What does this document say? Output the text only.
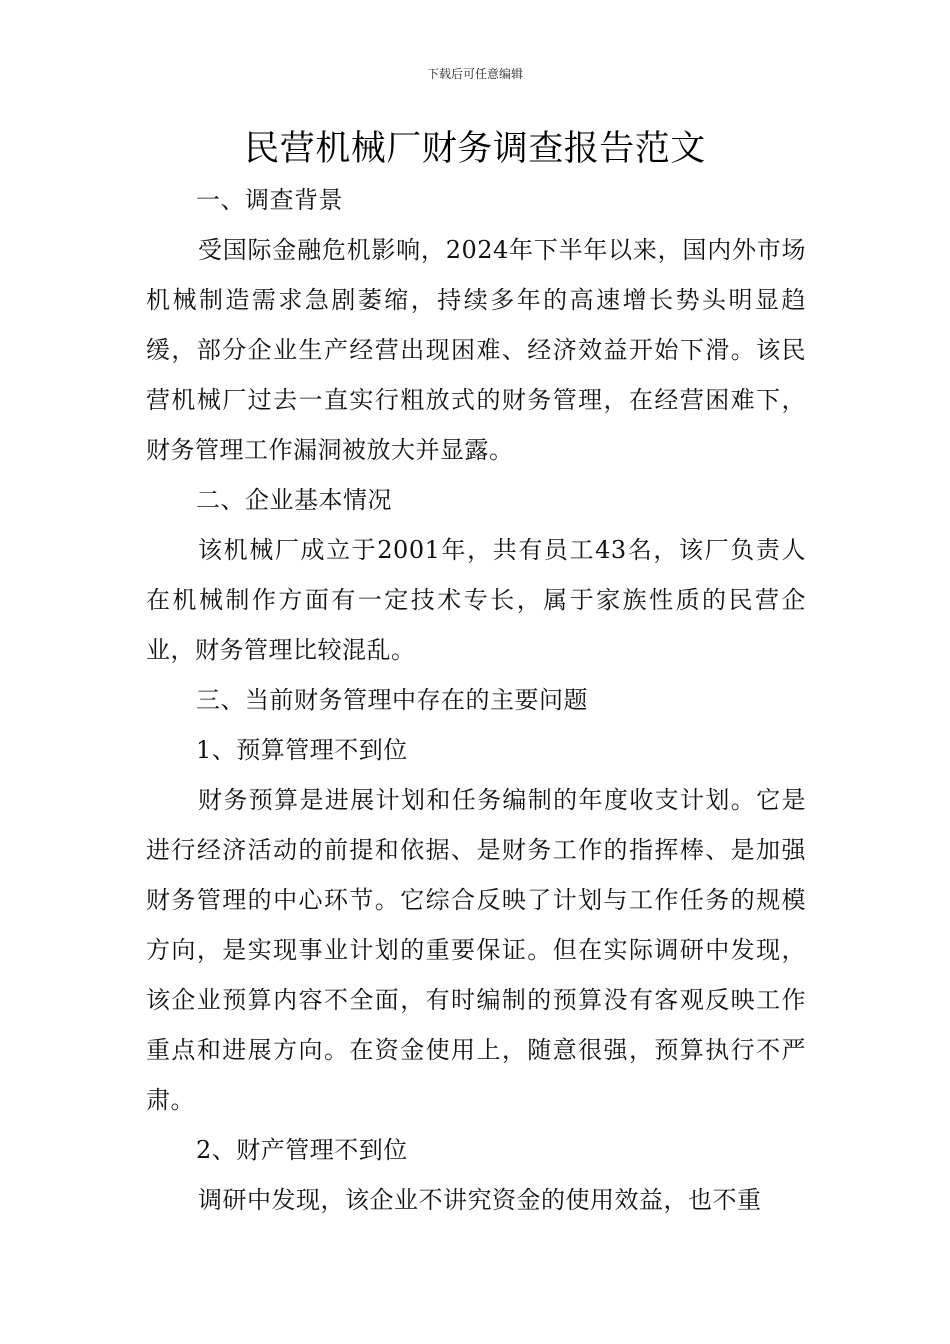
下载后可任意编辑
民营机械厂财务调查报告范文

一、调查背景

受国际金融危机影响，2024年下半年以来，国内外市场机械制造需求急剧萎缩，持续多年的高速增长势头明显趋缓，部分企业生产经营出现困难、经济效益开始下滑。该民营机械厂过去一直实行粗放式的财务管理，在经营困难下，财务管理工作漏洞被放大并显露。

二、企业基本情况

该机械厂成立于2001年，共有员工43名，该厂负责人在机械制作方面有一定技术专长，属于家族性质的民营企业，财务管理比较混乱。

三、当前财务管理中存在的主要问题

1、预算管理不到位

财务预算是进展计划和任务编制的年度收支计划。它是进行经济活动的前提和依据、是财务工作的指挥棒、是加强财务管理的中心环节。它综合反映了计划与工作任务的规模方向，是实现事业计划的重要保证。但在实际调研中发现，该企业预算内容不全面，有时编制的预算没有客观反映工作重点和进展方向。在资金使用上，随意很强，预算执行不严肃。

2、财产管理不到位

调研中发现，该企业不讲究资金的使用效益，也不重
